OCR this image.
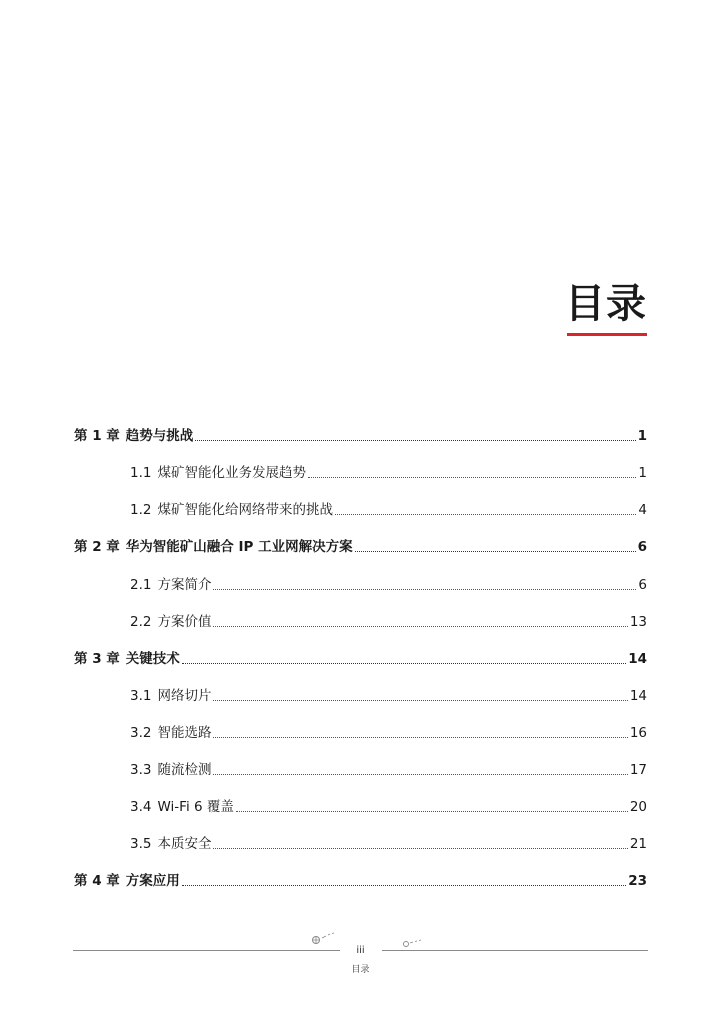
目录
第 1 章 趋势与挑战	1
1.1 煤矿智能化业务发展趋势	1
1.2 煤矿智能化给网络带来的挑战	4
第 2 章 华为智能矿山融合 IP 工业网解决方案	6
2.1 方案简介	6
2.2 方案价值	13
第 3 章 关键技术	14
3.1 网络切片	14
3.2 智能选路	16
3.3 随流检测	17
3.4 Wi-Fi 6 覆盖	20
3.5 本质安全	21
第 4 章 方案应用	23
iii
目录
